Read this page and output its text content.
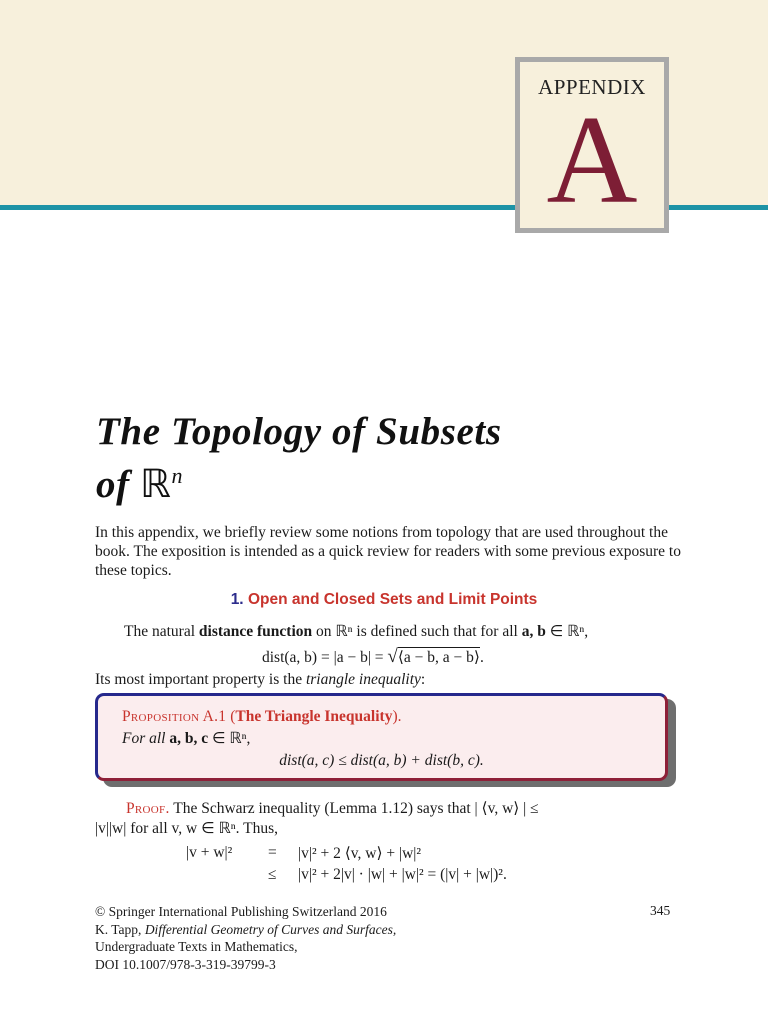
APPENDIX
A
The Topology of Subsets
of ℝ$^n$
In this appendix, we briefly review some notions from topology that are used throughout the book. The exposition is intended as a quick review for readers with some previous exposure to these topics.
1. Open and Closed Sets and Limit Points
The natural distance function on ℝⁿ is defined such that for all a, b ∈ ℝⁿ,
dist(a, b) = |a − b| = √⟨a − b, a − b⟩.
Its most important property is the triangle inequality:
Proposition A.1 (The Triangle Inequality).
For all a, b, c ∈ ℝⁿ,
dist(a, c) ≤ dist(a, b) + dist(b, c).
Proof. The Schwarz inequality (Lemma 1.12) says that | ⟨v, w⟩ | ≤
|v||w| for all v, w ∈ ℝⁿ. Thus,
|v + w|² = |v|² + 2 ⟨v, w⟩ + |w|²
≤ |v|² + 2|v| · |w| + |w|² = (|v| + |w|)².
© Springer International Publishing Switzerland 2016
K. Tapp, Differential Geometry of Curves and Surfaces,
Undergraduate Texts in Mathematics,
DOI 10.1007/978-3-319-39799-3
345
